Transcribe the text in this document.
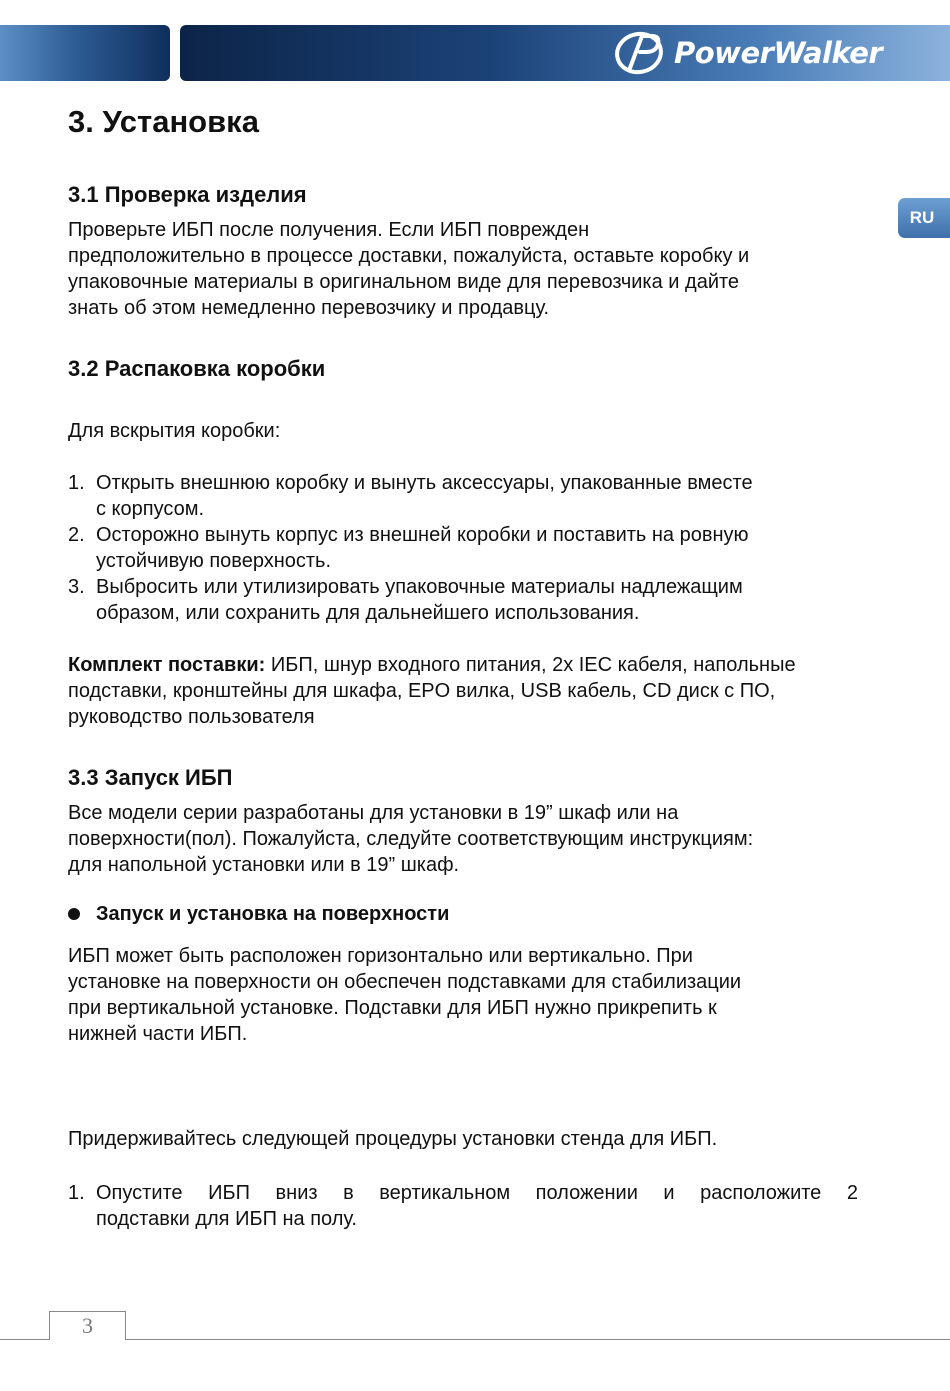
PowerWalker
RU
3. Установка
3.1 Проверка изделия
Проверьте ИБП после получения. Если ИБП поврежден
предположительно в процессе доставки, пожалуйста, оставьте коробку и
упаковочные материалы в оригинальном виде для перевозчика и дайте
знать об этом немедленно перевозчику и продавцу.
3.2 Распаковка коробки
Для вскрытия коробки:
1. Открыть внешнюю коробку и вынуть аксессуары, упакованные вместе
с корпусом.
2. Осторожно вынуть корпус из внешней коробки и поставить на ровную
устойчивую поверхность.
3. Выбросить или утилизировать упаковочные материалы надлежащим
образом, или сохранить для дальнейшего использования.
Комплект поставки: ИБП, шнур входного питания, 2x IEC кабеля, напольные
подставки, кронштейны для шкафа, EPO вилка, USB кабель, CD диск с ПО,
руководство пользователя
3.3 Запуск ИБП
Все модели серии разработаны для установки в 19” шкаф или на
поверхности(пол). Пожалуйста, следуйте соответствующим инструкциям:
для напольной установки или в 19” шкаф.
Запуск и установка на поверхности
ИБП может быть расположен горизонтально или вертикально. При
установке на поверхности он обеспечен подставками для стабилизации
при вертикальной установке. Подставки для ИБП нужно прикрепить к
нижней части ИБП.
Придерживайтесь следующей процедуры установки стенда для ИБП.
1. Опустите ИБП вниз в вертикальном положении и расположите 2
подставки для ИБП на полу.
3
